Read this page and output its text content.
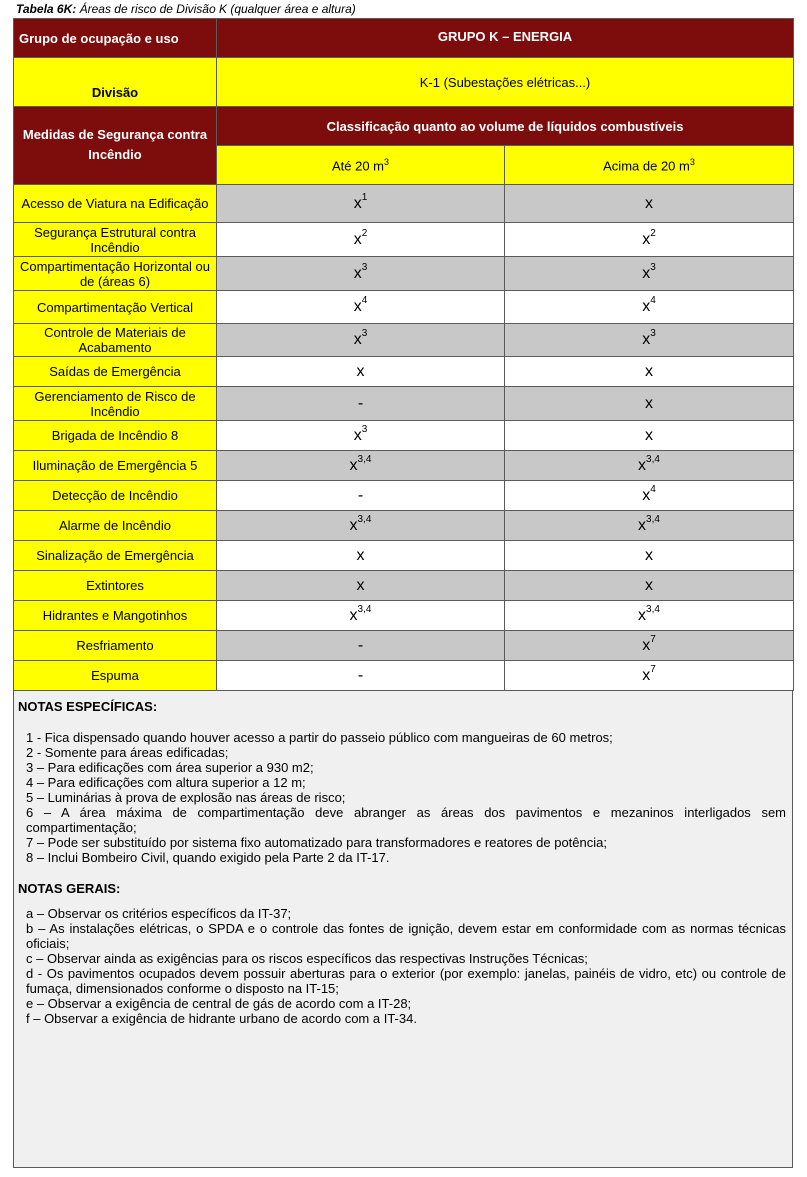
Tabela 6K: Áreas de risco de Divisão K (qualquer área e altura)
Grupo de ocupação e uso	GRUPO K – ENERGIA	
Divisão	K-1 (Subestações elétricas...)	
Medidas de Segurança contra Incêndio	Classificação quanto ao volume de líquidos combustíveis	
	Até 20 $m^3$	Acima de 20 $m^3$
Acesso de Viatura na Edificação	$x^1$	x
Segurança Estrutural contra Incêndio	$x^2$	$x^2$
Compartimentação Horizontal ou de (áreas 6)	$x^3$	$x^3$
Compartimentação Vertical	$x^4$	$x^4$
Controle de Materiais de Acabamento	$x^3$	$x^3$
Saídas de Emergência	x	x
Gerenciamento de Risco de Incêndio	-	x
Brigada de Incêndio 8	$x^3$	x
Iluminação de Emergência 5	$x^{3,4}$	$x^{3,4}$
Detecção de Incêndio	-	$x^4$
Alarme de Incêndio	$x^{3,4}$	$x^{3,4}$
Sinalização de Emergência	x	x
Extintores	x	x
Hidrantes e Mangotinhos	$x^{3,4}$	$x^{3,4}$
Resfriamento	-	$x^7$
Espuma	-	$x^7$
NOTAS ESPECÍFICAS:
1 - Fica dispensado quando houver acesso a partir do passeio público com mangueiras de 60 metros;
2 - Somente para áreas edificadas;
3 – Para edificações com área superior a 930 m2;
4 – Para edificações com altura superior a 12 m;
5 – Luminárias à prova de explosão nas áreas de risco;
6 – A área máxima de compartimentação deve abranger as áreas dos pavimentos e mezaninos interligados sem compartimentação;
7 – Pode ser substituído por sistema fixo automatizado para transformadores e reatores de potência;
8 – Inclui Bombeiro Civil, quando exigido pela Parte 2 da IT-17.
NOTAS GERAIS:
a – Observar os critérios específicos da IT-37;
b – As instalações elétricas, o SPDA e o controle das fontes de ignição, devem estar em conformidade com as normas técnicas oficiais;
c – Observar ainda as exigências para os riscos específicos das respectivas Instruções Técnicas;
d - Os pavimentos ocupados devem possuir aberturas para o exterior (por exemplo: janelas, painéis de vidro, etc) ou controle de fumaça, dimensionados conforme o disposto na IT-15;
e – Observar a exigência de central de gás de acordo com a IT-28;
f – Observar a exigência de hidrante urbano de acordo com a IT-34.
